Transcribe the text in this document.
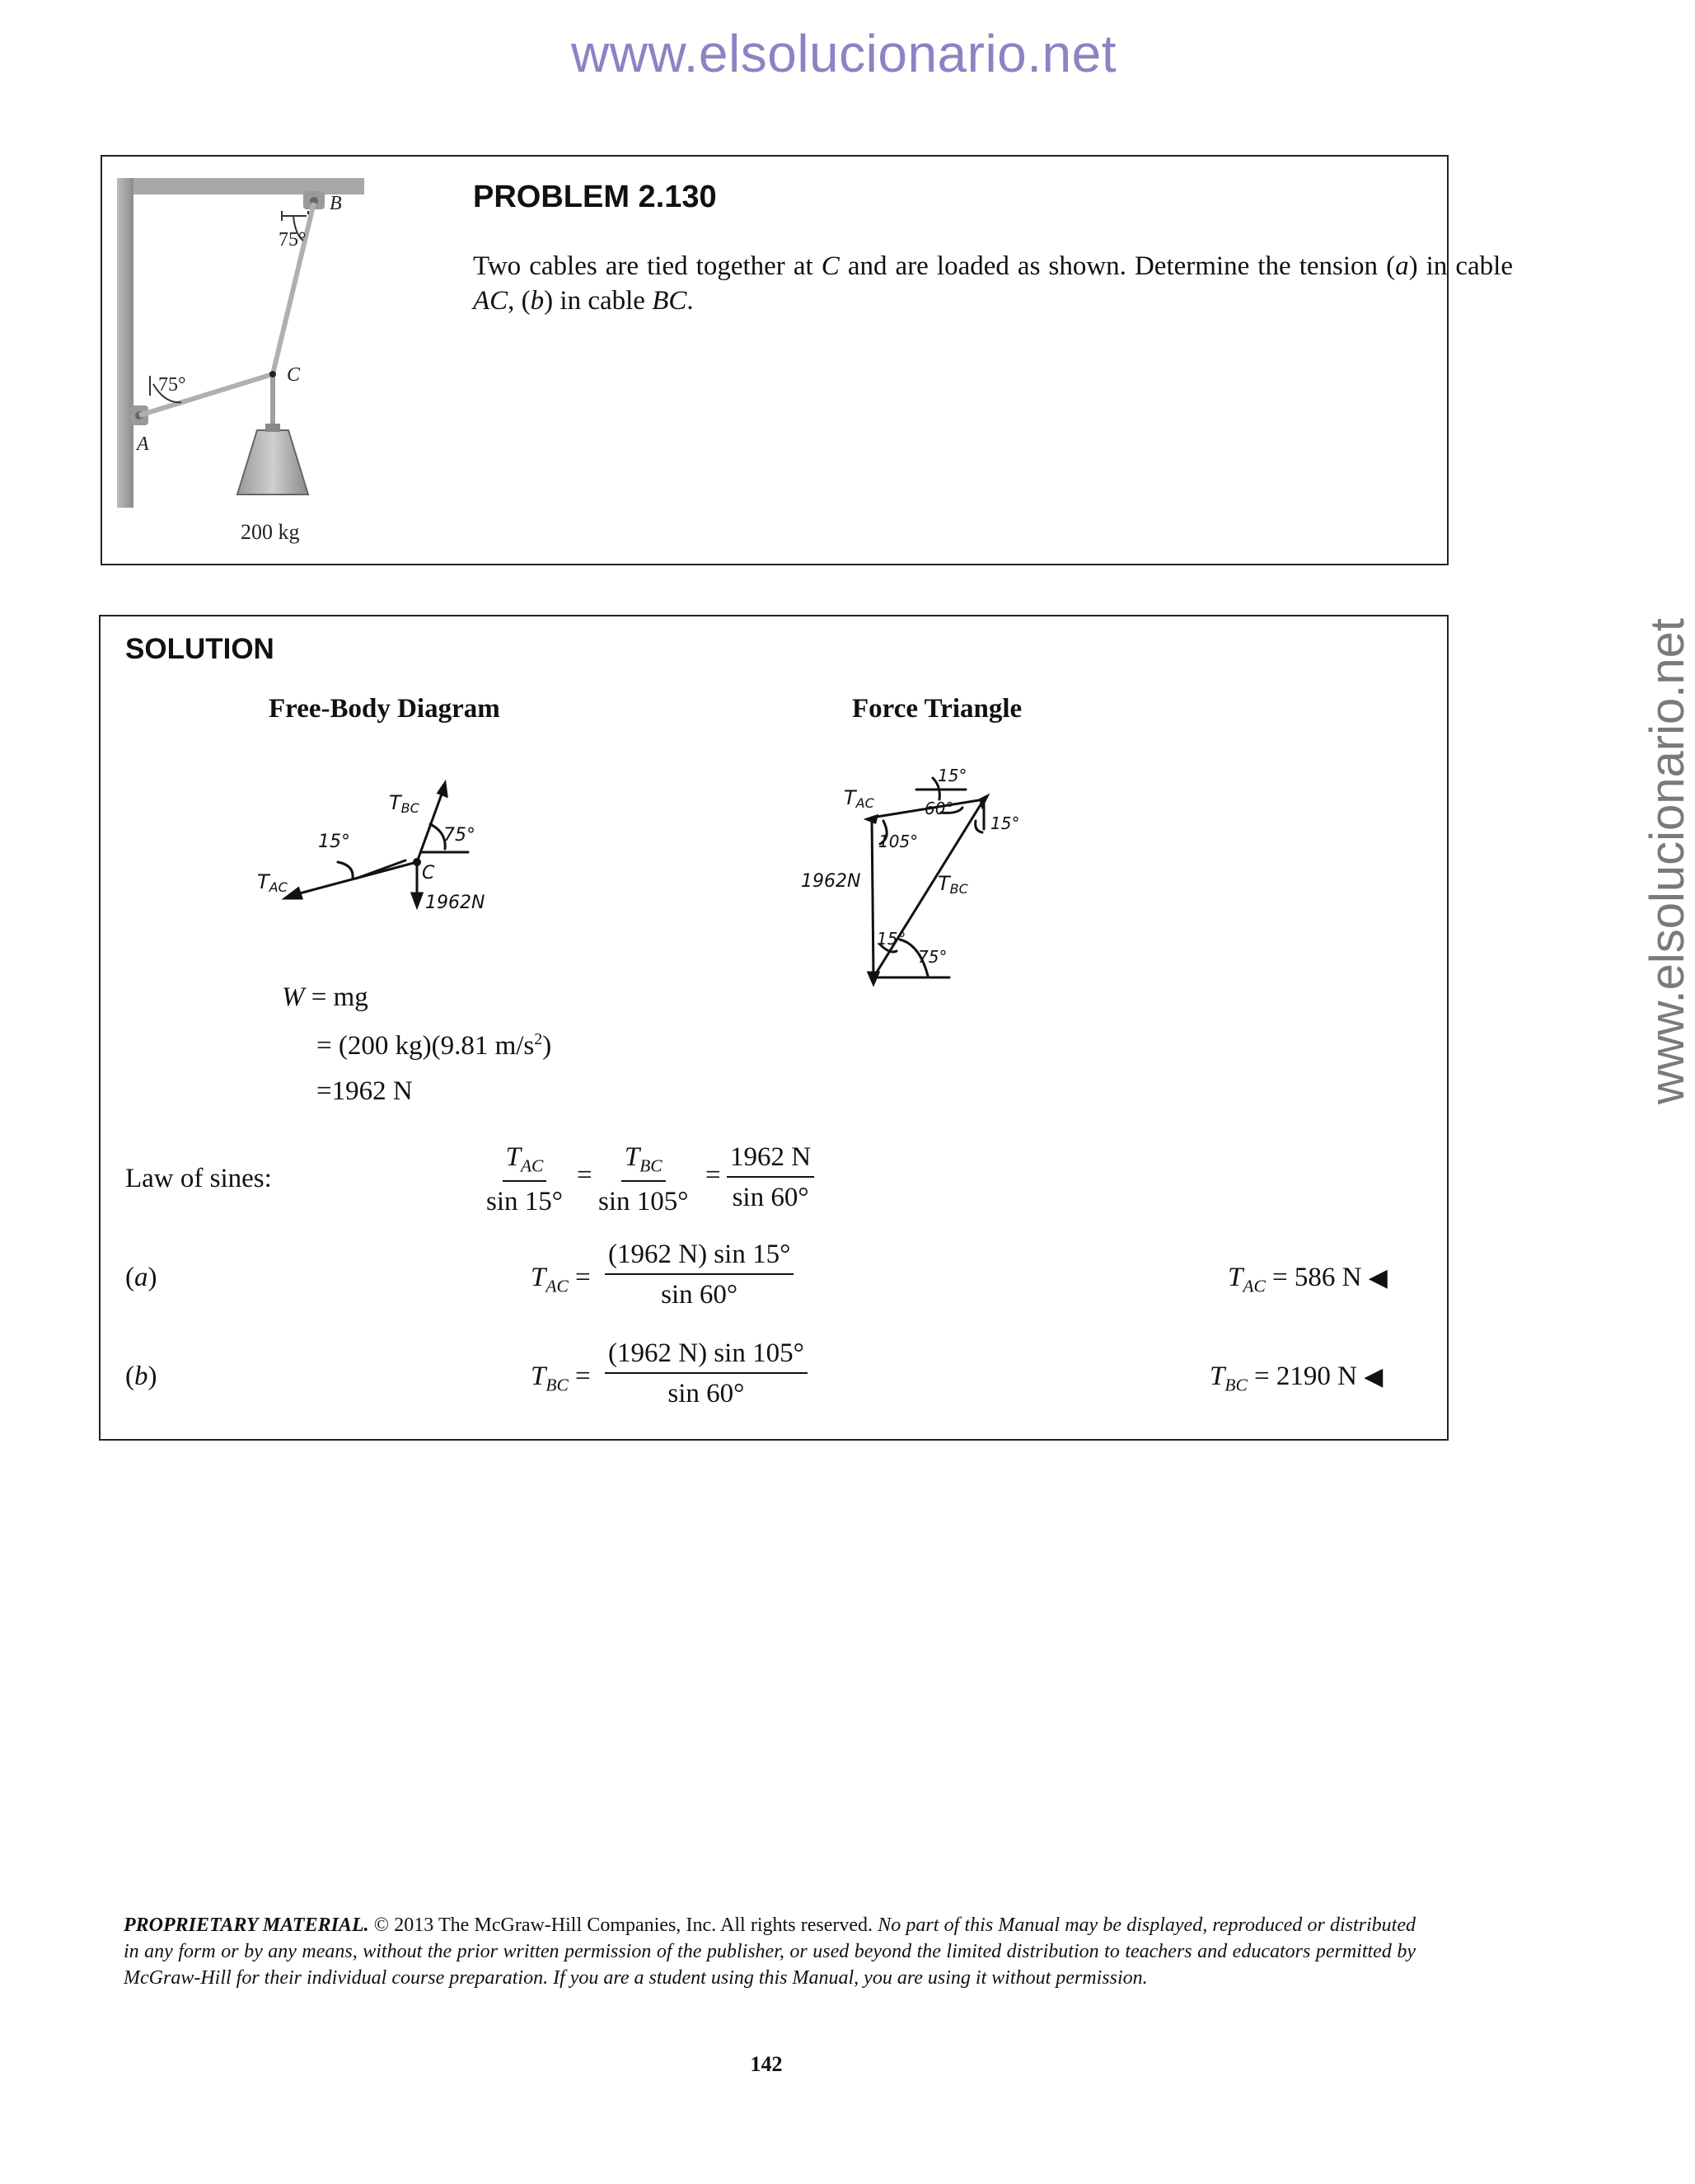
www.elsolucionario.net
www.elsolucionario.net
B
75°
C
75°
A
200 kg
PROBLEM 2.130
Two cables are tied together at C and are loaded as shown. Determine the tension (a) in cable AC, (b) in cable BC.
SOLUTION
Free-Body Diagram	Force Triangle
TBC
TAC
15°	75°
C
1962N
TAC
15°
60°
15°
105°
1962N	TBC
15°
75°
W = mg
= (200 kg)(9.81 $m/s^2$)
=1962 N
Law of sines:
$T_{AC}$
sin 15°
=
$T_{BC}$
sin 105°
= $\frac{1962 N}{\sin 60^\circ}$
(a)	$T_{AC} = \frac{(1962 N) \sin 15^\circ}{\sin 60^\circ}$	$T_{AC} = 586$ N ◀
(b)	$T_{BC} = \frac{(1962 N) \sin 105^\circ}{\sin 60^\circ}$	$T_{BC} = 2190$ N ◀
PROPRIETARY MATERIAL. © 2013 The McGraw-Hill Companies, Inc. All rights reserved. No part of this Manual may be displayed, reproduced or distributed in any form or by any means, without the prior written permission of the publisher, or used beyond the limited distribution to teachers and educators permitted by McGraw-Hill for their individual course preparation. If you are a student using this Manual, you are using it without permission.
142
